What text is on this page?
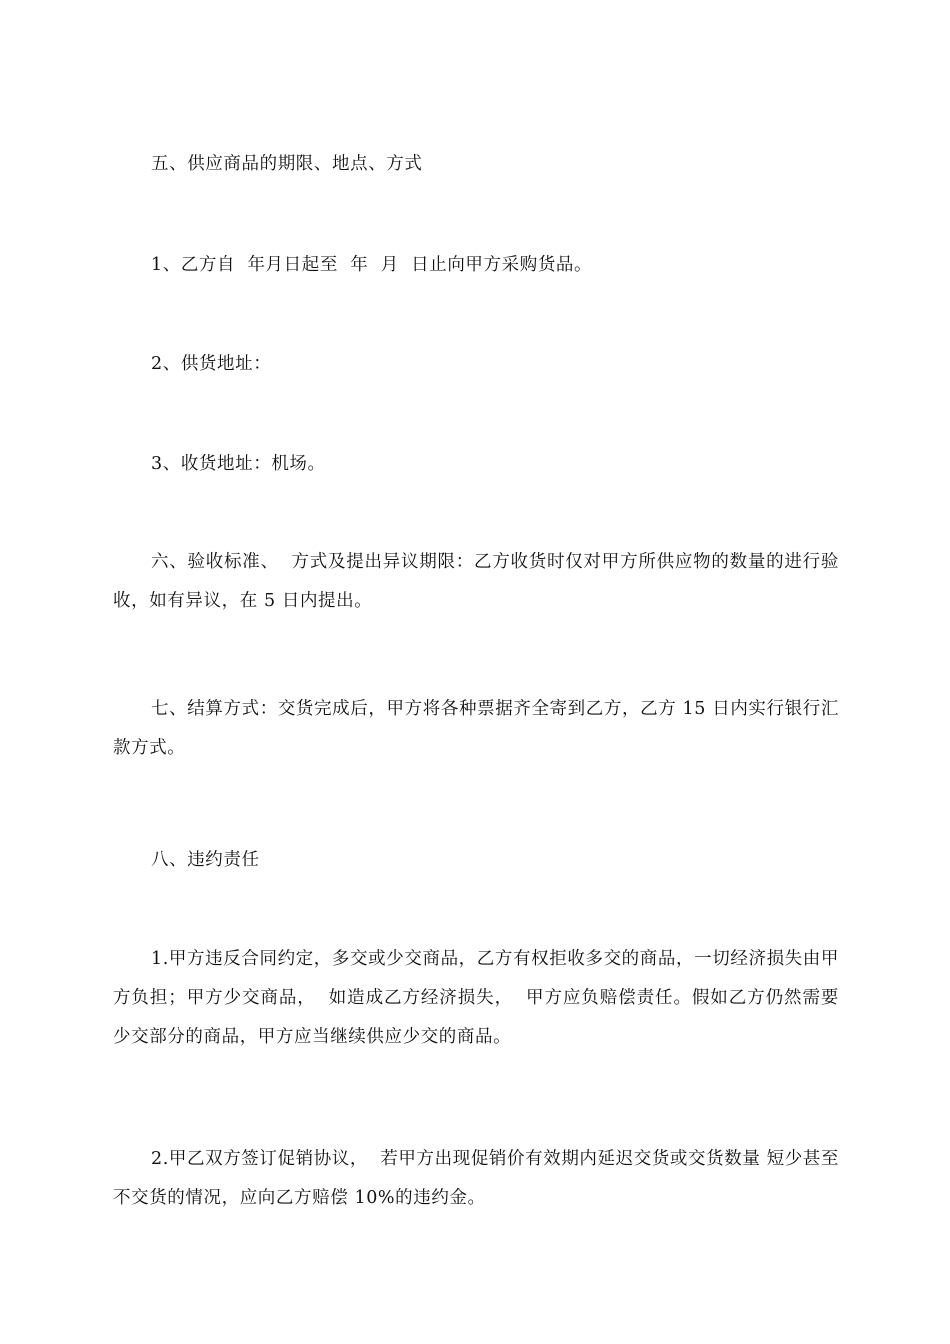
五、供应商品的期限、地点、方式

1、乙方自  年月日起至  年  月  日止向甲方采购货品。

2、供货地址：

3、收货地址：机场。

六、验收标准、  方式及提出异议期限：乙方收货时仅对甲方所供应物的数量的进行验收，如有异议，在 5 日内提出。

七、结算方式：交货完成后，甲方将各种票据齐全寄到乙方，乙方 15 日内实行银行汇款方式。

八、违约责任

1.甲方违反合同约定，多交或少交商品，乙方有权拒收多交的商品，一切经济损失由甲方负担；甲方少交商品，  如造成乙方经济损失，  甲方应负赔偿责任。假如乙方仍然需要少交部分的商品，甲方应当继续供应少交的商品。

2.甲乙双方签订促销协议，  若甲方出现促销价有效期内延迟交货或交货数量 短少甚至不交货的情况，应向乙方赔偿 10%的违约金。
